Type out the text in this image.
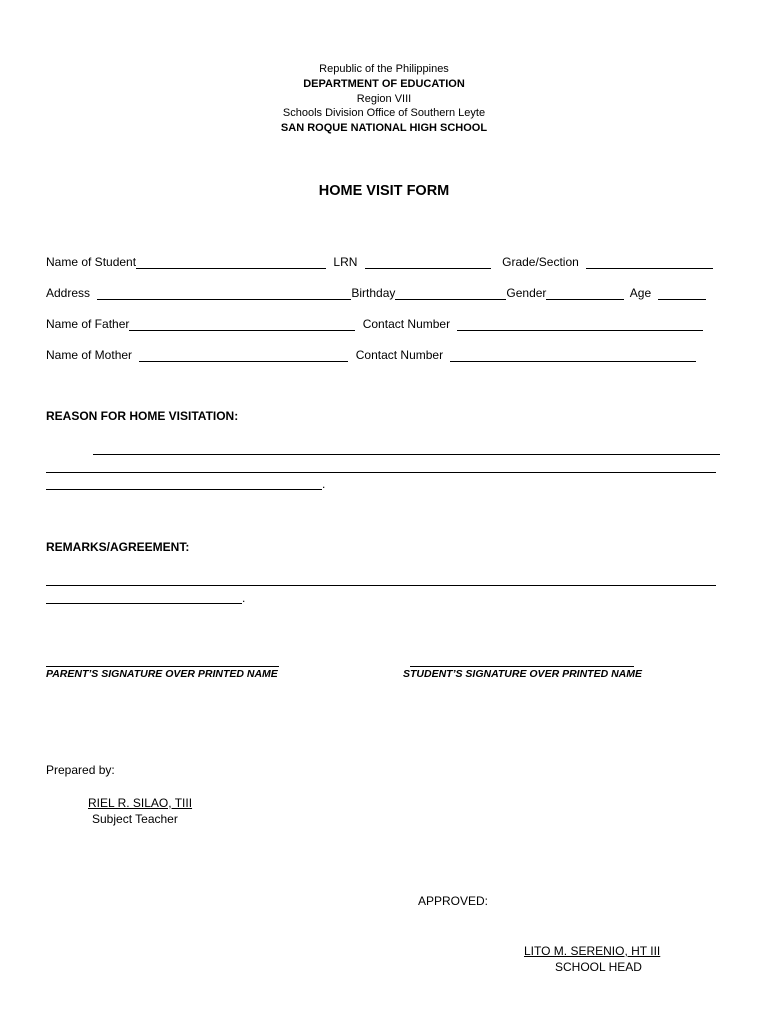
Republic of the Philippines
DEPARTMENT OF EDUCATION
Region VIII
Schools Division Office of Southern Leyte
SAN ROQUE NATIONAL HIGH SCHOOL
HOME VISIT FORM
Name of Student	LRN	Grade/Section
Address	Birthday	Gender	Age
Name of Father	Contact Number
Name of Mother	Contact Number
REASON FOR HOME VISITATION:
.
REMARKS/AGREEMENT:
.
PARENT’S SIGNATURE OVER PRINTED NAME	STUDENT’S SIGNATURE OVER PRINTED NAME
Prepared by:
RIEL R. SILAO, TIII
Subject Teacher
APPROVED:
LITO M. SERENIO, HT III
SCHOOL HEAD
